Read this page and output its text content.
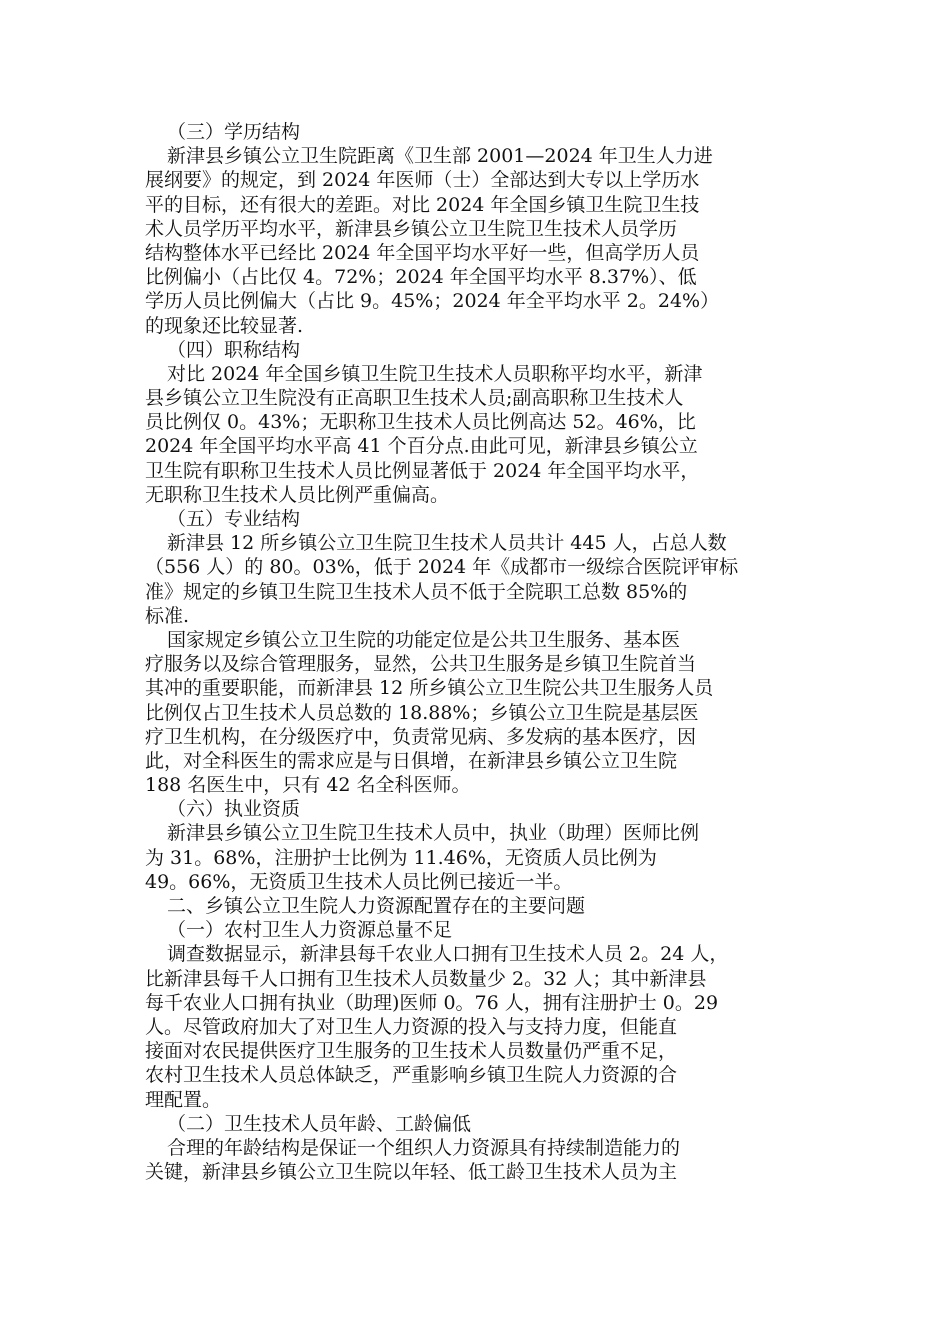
（三）学历结构
新津县乡镇公立卫生院距离《卫生部 2001—2024 年卫生人力进
展纲要》的规定，到 2024 年医师（士）全部达到大专以上学历水
平的目标，还有很大的差距。对比 2024 年全国乡镇卫生院卫生技
术人员学历平均水平，新津县乡镇公立卫生院卫生技术人员学历
结构整体水平已经比 2024 年全国平均水平好一些，但高学历人员
比例偏小（占比仅 4。72%；2024 年全国平均水平 8.37%）、低
学历人员比例偏大（占比 9。45%；2024 年全平均水平 2。24%）
的现象还比较显著.
（四）职称结构
对比 2024 年全国乡镇卫生院卫生技术人员职称平均水平，新津
县乡镇公立卫生院没有正高职卫生技术人员;副高职称卫生技术人
员比例仅 0。43%；无职称卫生技术人员比例高达 52。46%，比
2024 年全国平均水平高 41 个百分点.由此可见，新津县乡镇公立
卫生院有职称卫生技术人员比例显著低于 2024 年全国平均水平，
无职称卫生技术人员比例严重偏高。
（五）专业结构
新津县 12 所乡镇公立卫生院卫生技术人员共计 445 人，占总人数
（556 人）的 80。03%，低于 2024 年《成都市一级综合医院评审标
准》规定的乡镇卫生院卫生技术人员不低于全院职工总数 85%的
标准.
国家规定乡镇公立卫生院的功能定位是公共卫生服务、基本医
疗服务以及综合管理服务，显然，公共卫生服务是乡镇卫生院首当
其冲的重要职能，而新津县 12 所乡镇公立卫生院公共卫生服务人员
比例仅占卫生技术人员总数的 18.88%；乡镇公立卫生院是基层医
疗卫生机构，在分级医疗中，负责常见病、多发病的基本医疗，因
此，对全科医生的需求应是与日俱增，在新津县乡镇公立卫生院
188 名医生中，只有 42 名全科医师。
（六）执业资质
新津县乡镇公立卫生院卫生技术人员中，执业（助理）医师比例
为 31。68%，注册护士比例为 11.46%，无资质人员比例为
49。66%，无资质卫生技术人员比例已接近一半。
二、乡镇公立卫生院人力资源配置存在的主要问题
（一）农村卫生人力资源总量不足
调查数据显示，新津县每千农业人口拥有卫生技术人员 2。24 人，
比新津县每千人口拥有卫生技术人员数量少 2。32 人；其中新津县
每千农业人口拥有执业（助理)医师 0。76 人，拥有注册护士 0。29
人。尽管政府加大了对卫生人力资源的投入与支持力度，但能直
接面对农民提供医疗卫生服务的卫生技术人员数量仍严重不足，
农村卫生技术人员总体缺乏，严重影响乡镇卫生院人力资源的合
理配置。
（二）卫生技术人员年龄、工龄偏低
合理的年龄结构是保证一个组织人力资源具有持续制造能力的
关键，新津县乡镇公立卫生院以年轻、低工龄卫生技术人员为主
